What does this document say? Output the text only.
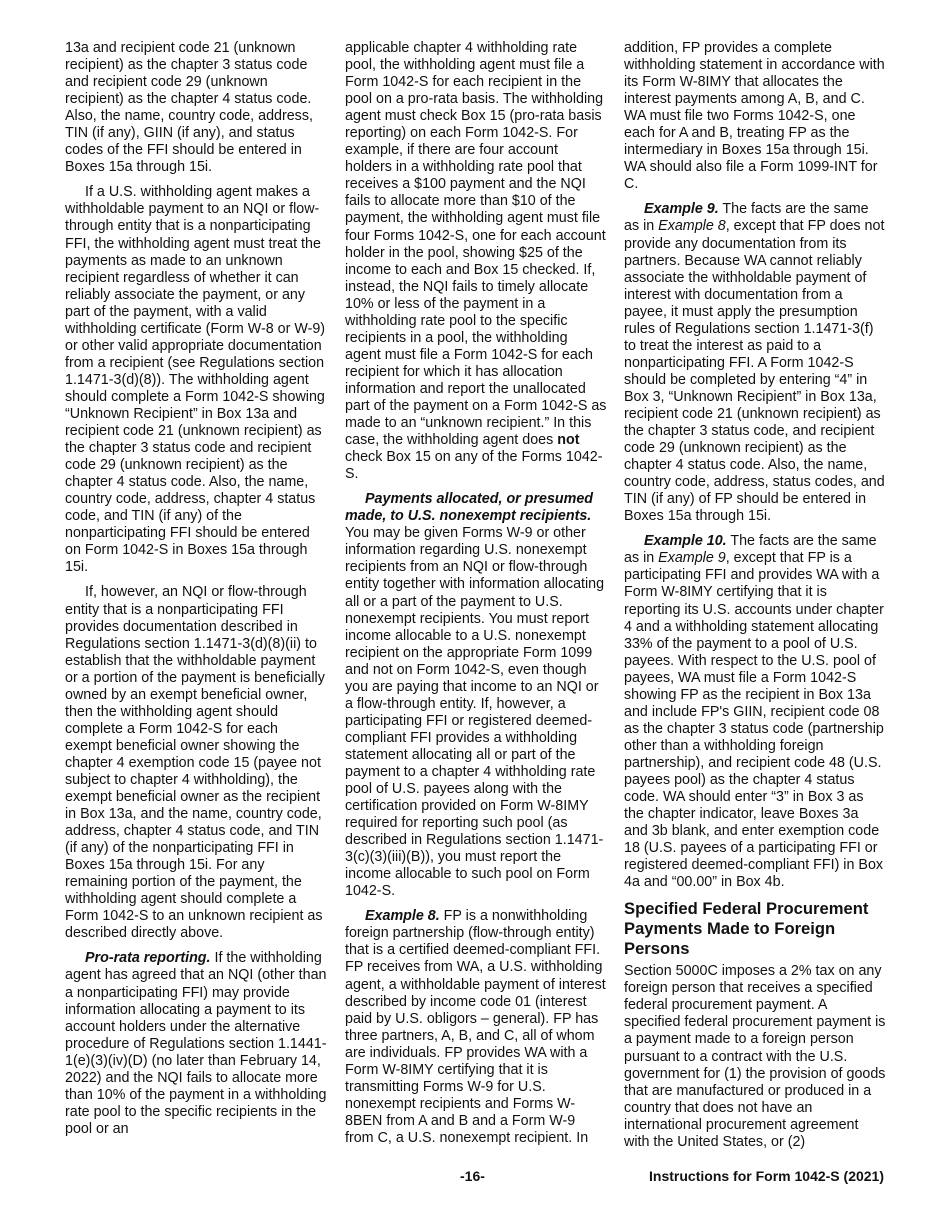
13a and recipient code 21 (unknown recipient) as the chapter 3 status code and recipient code 29 (unknown recipient) as the chapter 4 status code. Also, the name, country code, address, TIN (if any), GIIN (if any), and status codes of the FFI should be entered in Boxes 15a through 15i.

If a U.S. withholding agent makes a withholdable payment to an NQI or flow-through entity that is a nonparticipating FFI, the withholding agent must treat the payments as made to an unknown recipient regardless of whether it can reliably associate the payment, or any part of the payment, with a valid withholding certificate (Form W-8 or W-9) or other valid appropriate documentation from a recipient (see Regulations section 1.1471-3(d)(8)). The withholding agent should complete a Form 1042-S showing “Unknown Recipient” in Box 13a and recipient code 21 (unknown recipient) as the chapter 3 status code and recipient code 29 (unknown recipient) as the chapter 4 status code. Also, the name, country code, address, chapter 4 status code, and TIN (if any) of the nonparticipating FFI should be entered on Form 1042-S in Boxes 15a through 15i.

If, however, an NQI or flow-through entity that is a nonparticipating FFI provides documentation described in Regulations section 1.1471-3(d)(8)(ii) to establish that the withholdable payment or a portion of the payment is beneficially owned by an exempt beneficial owner, then the withholding agent should complete a Form 1042-S for each exempt beneficial owner showing the chapter 4 exemption code 15 (payee not subject to chapter 4 withholding), the exempt beneficial owner as the recipient in Box 13a, and the name, country code, address, chapter 4 status code, and TIN (if any) of the nonparticipating FFI in Boxes 15a through 15i. For any remaining portion of the payment, the withholding agent should complete a Form 1042-S to an unknown recipient as described directly above.

Pro-rata reporting. If the withholding agent has agreed that an NQI (other than a nonparticipating FFI) may provide information allocating a payment to its account holders under the alternative procedure of Regulations section 1.1441-1(e)(3)(iv)(D) (no later than February 14, 2022) and the NQI fails to allocate more than 10% of the payment in a withholding rate pool to the specific recipients in the pool or an

applicable chapter 4 withholding rate pool, the withholding agent must file a Form 1042-S for each recipient in the pool on a pro-rata basis. The withholding agent must check Box 15 (pro-rata basis reporting) on each Form 1042-S. For example, if there are four account holders in a withholding rate pool that receives a $100 payment and the NQI fails to allocate more than $10 of the payment, the withholding agent must file four Forms 1042-S, one for each account holder in the pool, showing $25 of the income to each and Box 15 checked. If, instead, the NQI fails to timely allocate 10% or less of the payment in a withholding rate pool to the specific recipients in a pool, the withholding agent must file a Form 1042-S for each recipient for which it has allocation information and report the unallocated part of the payment on a Form 1042-S as made to an “unknown recipient.” In this case, the withholding agent does not check Box 15 on any of the Forms 1042-S.

Payments allocated, or presumed made, to U.S. nonexempt recipients. You may be given Forms W-9 or other information regarding U.S. nonexempt recipients from an NQI or flow-through entity together with information allocating all or a part of the payment to U.S. nonexempt recipients. You must report income allocable to a U.S. nonexempt recipient on the appropriate Form 1099 and not on Form 1042-S, even though you are paying that income to an NQI or a flow-through entity. If, however, a participating FFI or registered deemed-compliant FFI provides a withholding statement allocating all or part of the payment to a chapter 4 withholding rate pool of U.S. payees along with the certification provided on Form W-8IMY required for reporting such pool (as described in Regulations section 1.1471-3(c)(3)(iii)(B)), you must report the income allocable to such pool on Form 1042-S.

Example 8. FP is a nonwithholding foreign partnership (flow-through entity) that is a certified deemed-compliant FFI. FP receives from WA, a U.S. withholding agent, a withholdable payment of interest described by income code 01 (interest paid by U.S. obligors – general). FP has three partners, A, B, and C, all of whom are individuals. FP provides WA with a Form W-8IMY certifying that it is transmitting Forms W-9 for U.S. nonexempt recipients and Forms W-8BEN from A and B and a Form W-9 from C, a U.S. nonexempt recipient. In

addition, FP provides a complete withholding statement in accordance with its Form W-8IMY that allocates the interest payments among A, B, and C. WA must file two Forms 1042-S, one each for A and B, treating FP as the intermediary in Boxes 15a through 15i. WA should also file a Form 1099-INT for C.

Example 9. The facts are the same as in Example 8, except that FP does not provide any documentation from its partners. Because WA cannot reliably associate the withholdable payment of interest with documentation from a payee, it must apply the presumption rules of Regulations section 1.1471-3(f) to treat the interest as paid to a nonparticipating FFI. A Form 1042-S should be completed by entering “4” in Box 3, “Unknown Recipient” in Box 13a, recipient code 21 (unknown recipient) as the chapter 3 status code, and recipient code 29 (unknown recipient) as the chapter 4 status code. Also, the name, country code, address, status codes, and TIN (if any) of FP should be entered in Boxes 15a through 15i.

Example 10. The facts are the same as in Example 9, except that FP is a participating FFI and provides WA with a Form W-8IMY certifying that it is reporting its U.S. accounts under chapter 4 and a withholding statement allocating 33% of the payment to a pool of U.S. payees. With respect to the U.S. pool of payees, WA must file a Form 1042-S showing FP as the recipient in Box 13a and include FP's GIIN, recipient code 08 as the chapter 3 status code (partnership other than a withholding foreign partnership), and recipient code 48 (U.S. payees pool) as the chapter 4 status code. WA should enter “3” in Box 3 as the chapter indicator, leave Boxes 3a and 3b blank, and enter exemption code 18 (U.S. payees of a participating FFI or registered deemed-compliant FFI) in Box 4a and “00.00” in Box 4b.

Specified Federal Procurement Payments Made to Foreign Persons

Section 5000C imposes a 2% tax on any foreign person that receives a specified federal procurement payment. A specified federal procurement payment is a payment made to a foreign person pursuant to a contract with the U.S. government for (1) the provision of goods that are manufactured or produced in a country that does not have an international procurement agreement with the United States, or (2)

-16-	Instructions for Form 1042-S (2021)
